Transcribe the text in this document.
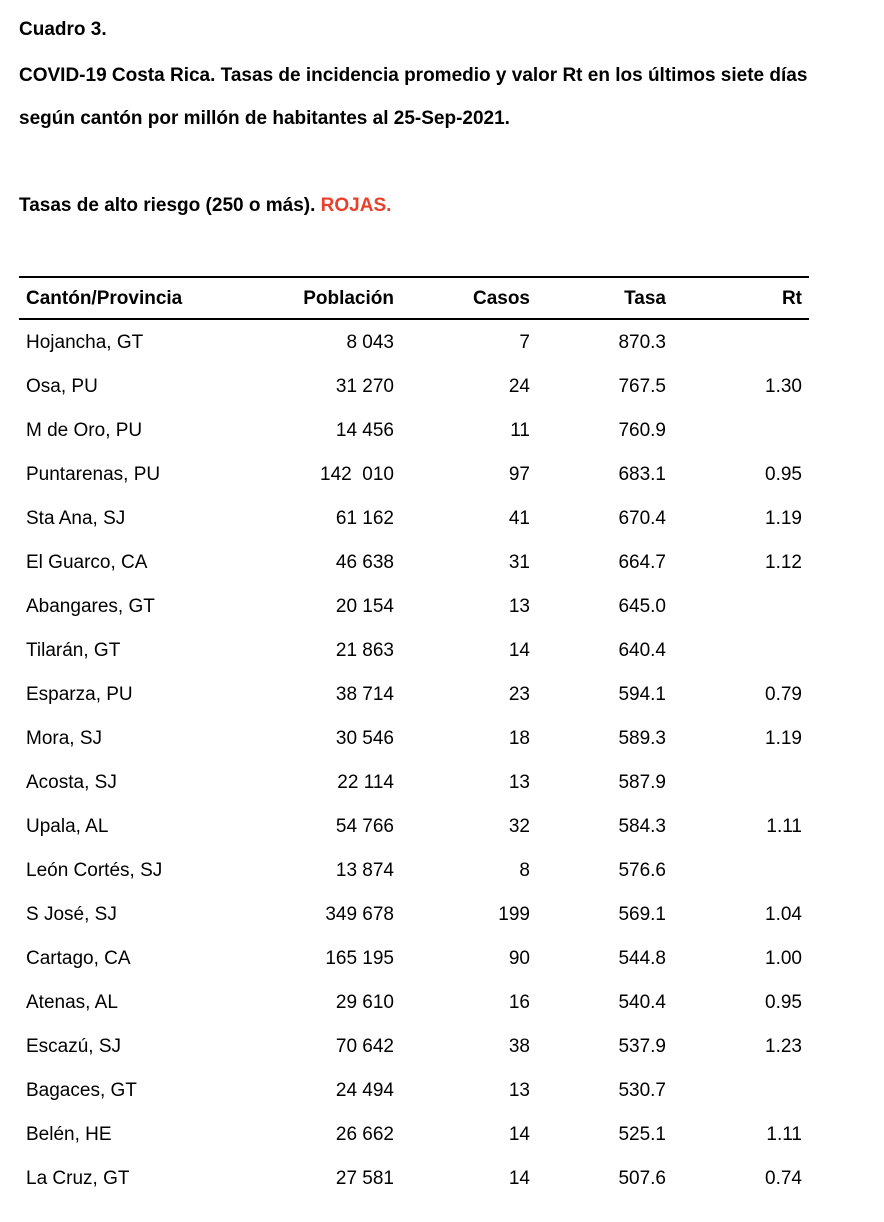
Cuadro 3.
COVID-19 Costa Rica. Tasas de incidencia promedio y valor Rt en los últimos siete días
según cantón por millón de habitantes al 25-Sep-2021.
Tasas de alto riesgo (250 o más). ROJAS.
Cantón/Provincia	Población	Casos	Tasa	Rt
Hojancha, GT	8 043	7	870.3	
Osa, PU	31 270	24	767.5	1.30
M de Oro, PU	14 456	11	760.9	
Puntarenas, PU	142  010	97	683.1	0.95
Sta Ana, SJ	61 162	41	670.4	1.19
El Guarco, CA	46 638	31	664.7	1.12
Abangares, GT	20 154	13	645.0	
Tilarán, GT	21 863	14	640.4	
Esparza, PU	38 714	23	594.1	0.79
Mora, SJ	30 546	18	589.3	1.19
Acosta, SJ	22 114	13	587.9	
Upala, AL	54 766	32	584.3	1.11
León Cortés, SJ	13 874	8	576.6	
S José, SJ	349 678	199	569.1	1.04
Cartago, CA	165 195	90	544.8	1.00
Atenas, AL	29 610	16	540.4	0.95
Escazú, SJ	70 642	38	537.9	1.23
Bagaces, GT	24 494	13	530.7	
Belén, HE	26 662	14	525.1	1.11
La Cruz, GT	27 581	14	507.6	0.74
